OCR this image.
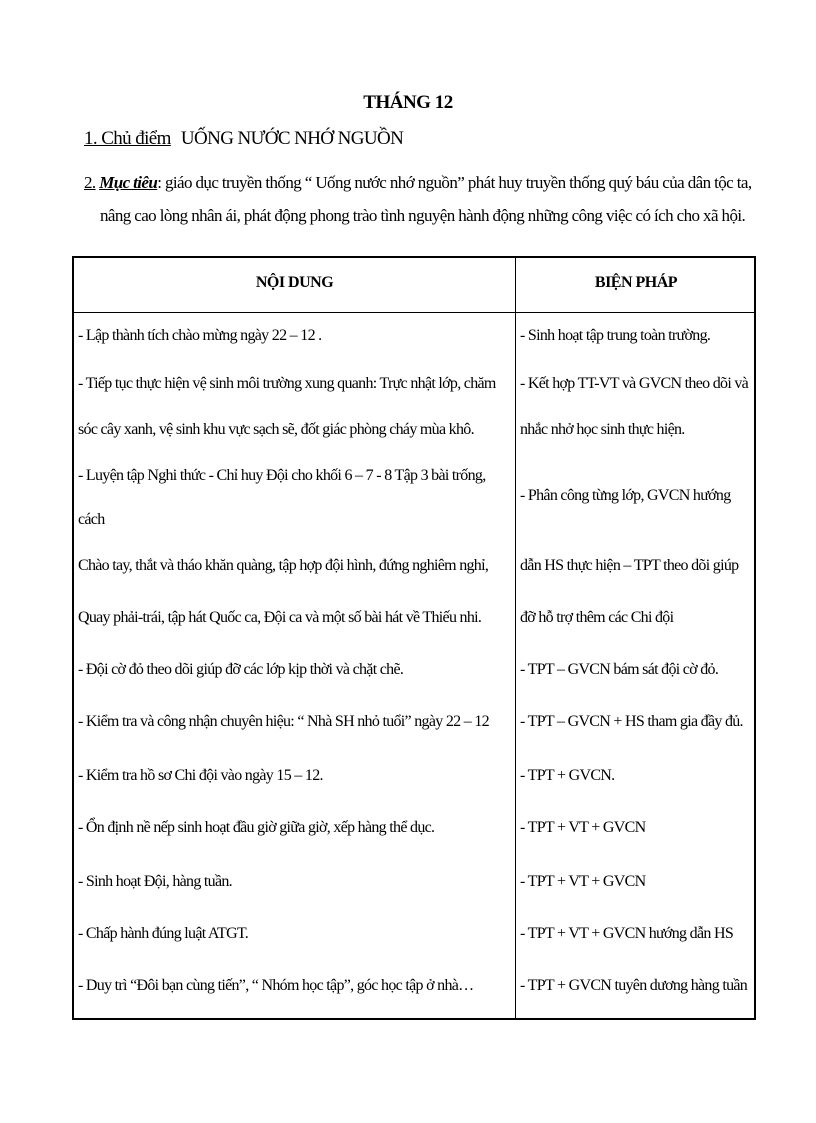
THÁNG 12
1. Chủ điểm UỐNG NƯỚC NHỚ NGUỒN
2. Mục tiêu: giáo dục truyền thống “ Uống nước nhớ nguồn” phát huy truyền thống quý báu của dân tộc ta,
nâng cao lòng nhân ái, phát động phong trào tình nguyện hành động những công việc có ích cho xã hội.
NỘI DUNG	BIỆN PHÁP
- Lập thành tích chào mừng ngày 22 – 12 .
- Tiếp tục thực hiện vệ sinh môi trường xung quanh: Trực nhật lớp, chăm
sóc cây xanh, vệ sinh khu vực sạch sẽ, đốt giác phòng cháy mùa khô.
- Luyện tập Nghi thức - Chỉ huy Đội cho khối 6 – 7 - 8 Tập 3 bài trống,
cách
Chào tay, thắt và tháo khăn quàng, tập hợp đội hình, đứng nghiêm nghỉ,
Quay phải-trái, tập hát Quốc ca, Đội ca và một số bài hát về Thiếu nhi.
- Đội cờ đỏ theo dõi giúp đỡ các lớp kịp thời và chặt chẽ.
- Kiểm tra và công nhận chuyên hiệu: “ Nhà SH nhỏ tuổi” ngày 22 – 12
- Kiểm tra hồ sơ Chi đội vào ngày 15 – 12.
- Ổn định nề nếp sinh hoạt đầu giờ giữa giờ, xếp hàng thể dục.
- Sinh hoạt Đội, hàng tuần.
- Chấp hành đúng luật ATGT.
- Duy trì “Đôi bạn cùng tiến”, “ Nhóm học tập”, góc học tập ở nhà…
- Sinh hoạt tập trung toàn trường.
- Kết hợp TT-VT và GVCN theo dõi và
nhắc nhở học sinh thực hiện.
- Phân công từng lớp, GVCN hướng
dẫn HS thực hiện – TPT theo dõi giúp
đỡ hỗ trợ thêm các Chi đội
- TPT – GVCN bám sát đội cờ đỏ.
- TPT – GVCN + HS tham gia đầy đủ.
- TPT + GVCN.
- TPT + VT + GVCN
- TPT + VT + GVCN
- TPT + VT + GVCN hướng dẫn HS
- TPT + GVCN tuyên dương hàng tuần
